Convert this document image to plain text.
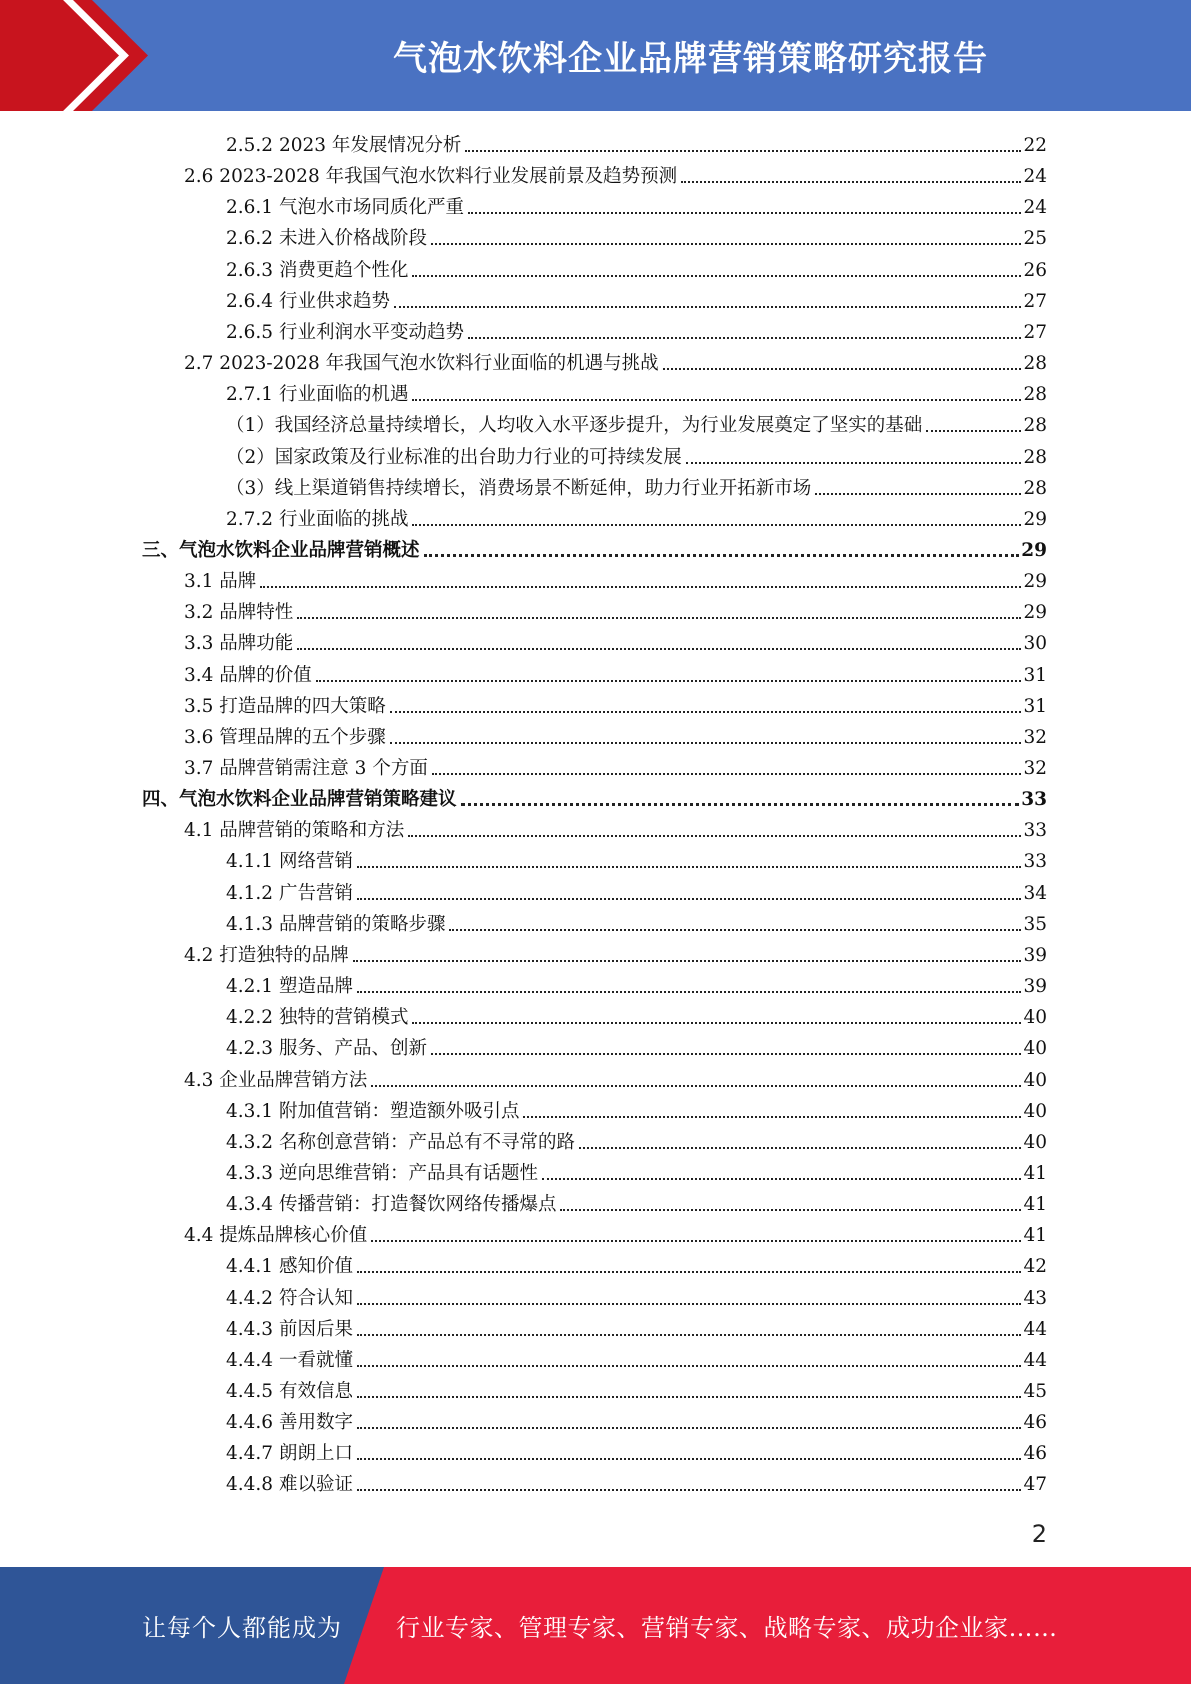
气泡水饮料企业品牌营销策略研究报告
2.5.2 2023 年发展情况分析	22
2.6 2023-2028 年我国气泡水饮料行业发展前景及趋势预测	24
2.6.1 气泡水市场同质化严重	24
2.6.2 未进入价格战阶段	25
2.6.3 消费更趋个性化	26
2.6.4 行业供求趋势	27
2.6.5 行业利润水平变动趋势	27
2.7 2023-2028 年我国气泡水饮料行业面临的机遇与挑战	28
2.7.1 行业面临的机遇	28
（1）我国经济总量持续增长，人均收入水平逐步提升，为行业发展奠定了坚实的基础	28
（2）国家政策及行业标准的出台助力行业的可持续发展	28
（3）线上渠道销售持续增长，消费场景不断延伸，助力行业开拓新市场	28
2.7.2 行业面临的挑战	29
三、气泡水饮料企业品牌营销概述	29
3.1 品牌	29
3.2 品牌特性	29
3.3 品牌功能	30
3.4 品牌的价值	31
3.5 打造品牌的四大策略	31
3.6 管理品牌的五个步骤	32
3.7 品牌营销需注意 3 个方面	32
四、气泡水饮料企业品牌营销策略建议	33
4.1 品牌营销的策略和方法	33
4.1.1 网络营销	33
4.1.2 广告营销	34
4.1.3 品牌营销的策略步骤	35
4.2 打造独特的品牌	39
4.2.1 塑造品牌	39
4.2.2 独特的营销模式	40
4.2.3 服务、产品、创新	40
4.3 企业品牌营销方法	40
4.3.1 附加值营销：塑造额外吸引点	40
4.3.2 名称创意营销：产品总有不寻常的路	40
4.3.3 逆向思维营销：产品具有话题性	41
4.3.4 传播营销：打造餐饮网络传播爆点	41
4.4 提炼品牌核心价值	41
4.4.1 感知价值	42
4.4.2 符合认知	43
4.4.3 前因后果	44
4.4.4 一看就懂	44
4.4.5 有效信息	45
4.4.6 善用数字	46
4.4.7 朗朗上口	46
4.4.8 难以验证	47
2
让每个人都能成为 行业专家、管理专家、营销专家、战略专家、成功企业家……
